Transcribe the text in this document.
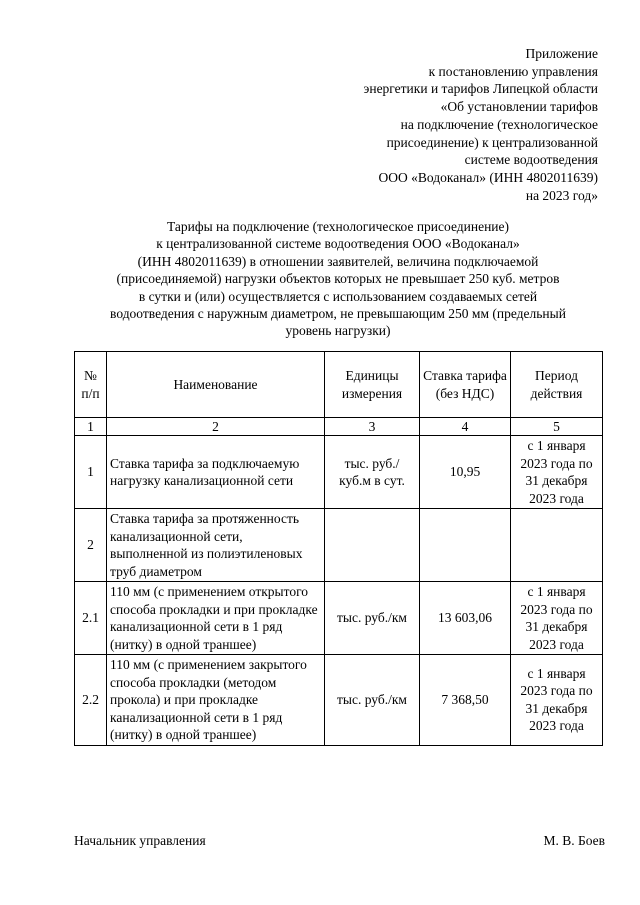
Приложение
к постановлению управления
энергетики и тарифов Липецкой области
«Об установлении тарифов
на подключение (технологическое
присоединение) к централизованной
системе водоотведения
ООО «Водоканал» (ИНН 4802011639)
на 2023 год»
Тарифы на подключение (технологическое присоединение)
к централизованной системе водоотведения ООО «Водоканал»
(ИНН 4802011639) в отношении заявителей, величина подключаемой
(присоединяемой) нагрузки объектов которых не превышает 250 куб. метров
в сутки и (или) осуществляется с использованием создаваемых сетей
водоотведения с наружным диаметром, не превышающим 250 мм (предельный
уровень нагрузки)
№ п/п	Наименование	Единицы измерения	Ставка тарифа (без НДС)	Период действия
1	2	3	4	5
1	Ставка тарифа за подключаемую нагрузку канализационной сети	тыс. руб./ куб.м в сут.	10,95	с 1 января 2023 года по 31 декабря 2023 года
2	Ставка тарифа за протяженность канализационной сети, выполненной из полиэтиленовых труб диаметром			
2.1	110 мм (с применением открытого способа прокладки и при прокладке канализационной сети в 1 ряд (нитку) в одной траншее)	тыс. руб./км	13 603,06	с 1 января 2023 года по 31 декабря 2023 года
2.2	110 мм (с применением закрытого способа прокладки (методом прокола) и при прокладке канализационной сети в 1 ряд (нитку) в одной траншее)	тыс. руб./км	7 368,50	с 1 января 2023 года по 31 декабря 2023 года
Начальник управления	М. В. Боев
